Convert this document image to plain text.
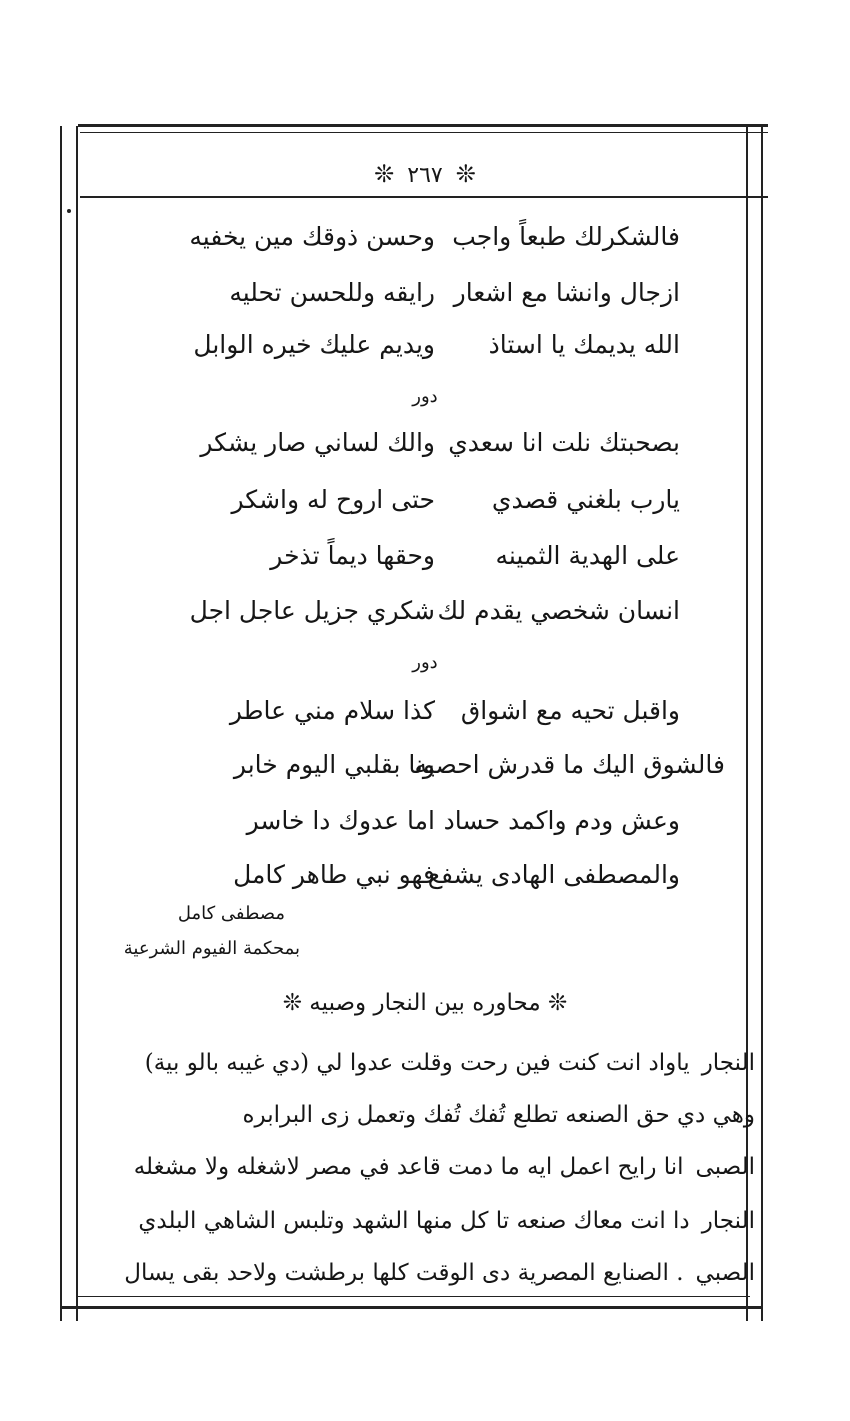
❊ ٢٦٧ ❊
فالشكرلك طبعاً واجب
وحسن ذوقك مين يخفيه
ازجال وانشا مع اشعار
رايقه وللحسن تحليه
الله يديمك يا استاذ
ويديم عليك خيره الوابل
دور
بصحبتك نلت انا سعدي
والك لساني صار يشكر
يارب بلغني قصدي
حتى اروح له واشكر
على الهدية الثمينه
وحقها ديماً تذخر
انسان شخصي يقدم لك
شكري جزيل عاجل اجل
دور
واقبل تحيه مع اشواق
كذا سلام مني عاطر
فالشوق اليك ما قدرش احصيه
ونا بقلبي اليوم خابر
وعش ودم واكمد حساد
اما عدوك دا خاسر
والمصطفى الهادى يشفع
فهو نبي طاهر كامل
مصطفى كامل
بمحكمة الفيوم الشرعية
❊ محاوره بين النجار وصبيه ❊
النجارياواد انت كنت فين رحت وقلت عدوا لي (دي غيبه بالو بية)
وهي دي حق الصنعه تطلع تُفك تُفك وتعمل زى البرابره
الصبىانا رايح اعمل ايه ما دمت قاعد في مصر لاشغله ولا مشغله
النجاردا انت معاك صنعه تا كل منها الشهد وتلبس الشاهي البلدي
الصبي. الصنايع المصرية دى الوقت كلها برطشت ولاحد بقى يسال
